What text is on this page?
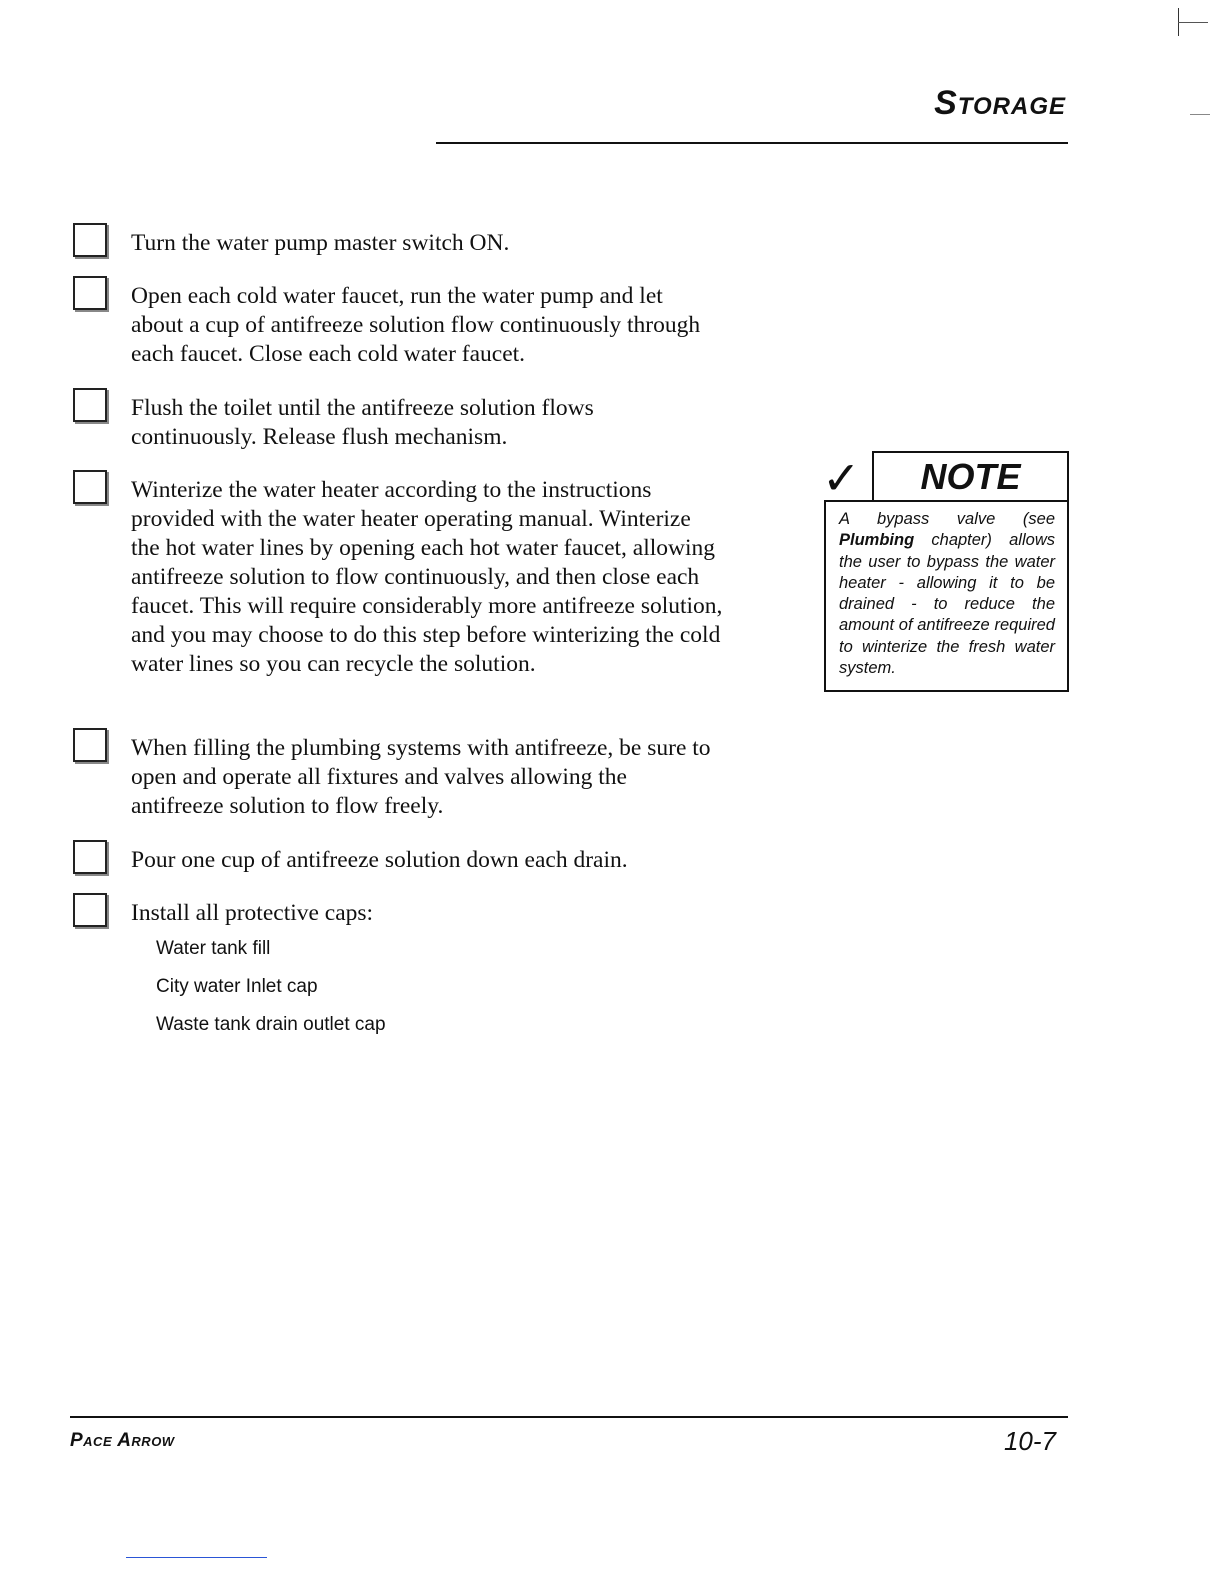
Storage
Turn the water pump master switch ON.
Open each cold water faucet, run the water pump and let about a cup of antifreeze solution flow continuously through each faucet. Close each cold water faucet.
Flush the toilet until the antifreeze solution flows continuously. Release flush mechanism.
Winterize the water heater according to the instructions provided with the water heater operating manual. Winterize the hot water lines by opening each hot water faucet, allowing antifreeze solution to flow continuously, and then close each faucet. This will require considerably more antifreeze solution, and you may choose to do this step before winterizing the cold water lines so you can recycle the solution.
When filling the plumbing systems with antifreeze, be sure to open and operate all fixtures and valves allowing the antifreeze solution to flow freely.
Pour one cup of antifreeze solution down each drain.
Install all protective caps:
Water tank fill
City water Inlet cap
Waste tank drain outlet cap
✓	NOTE
A bypass valve (see Plumbing chapter) allows the user to bypass the water heater - allowing it to be drained - to reduce the amount of antifreeze required to winterize the fresh water system.
Pace Arrow	10-7
